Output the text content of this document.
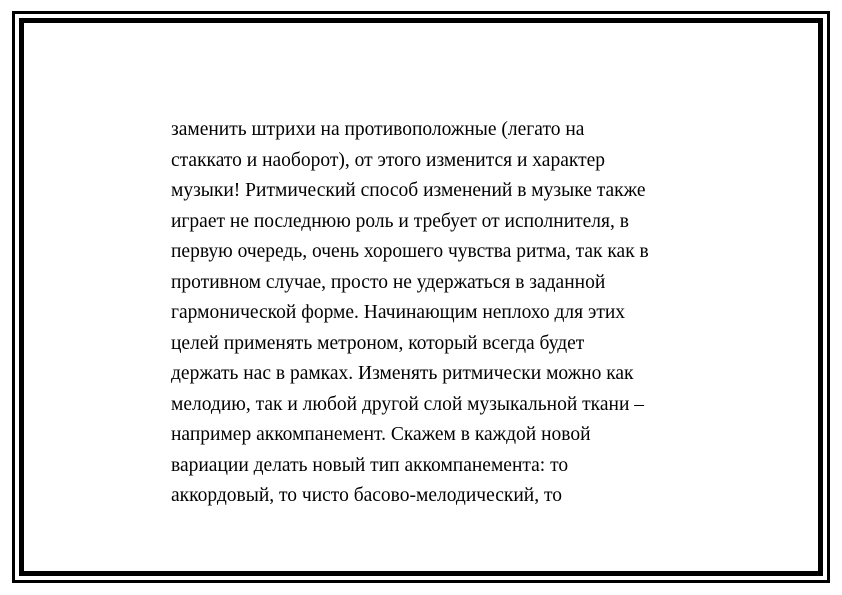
заменить штрихи на противоположные (легато на
стаккато и наоборот), от этого изменится и характер
музыки! Ритмический способ изменений в музыке также
играет не последнюю роль и требует от исполнителя, в
первую очередь, очень хорошего чувства ритма, так как в
противном случае, просто не удержаться в заданной
гармонической форме. Начинающим неплохо для этих
целей применять метроном, который всегда будет
держать нас в рамках. Изменять ритмически можно как
мелодию, так и любой другой слой музыкальной ткани –
например аккомпанемент. Скажем в каждой новой
вариации делать новый тип аккомпанемента: то
аккордовый, то чисто басово-мелодический, то
